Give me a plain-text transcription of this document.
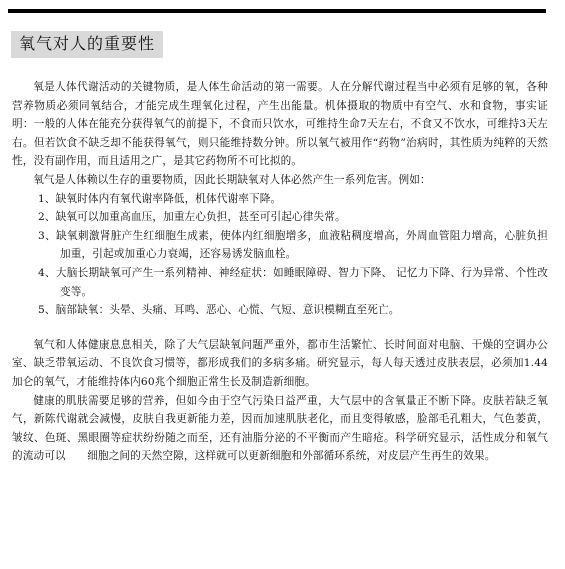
氧气对人的重要性

氧是人体代谢活动的关键物质，是人体生命活动的第一需要。人在分解代谢过程当中必须有足够的氧，各种营养物质必须同氧结合，才能完成生理氧化过程，产生出能量。机体摄取的物质中有空气、水和食物，事实证明：一般的人体在能充分获得氧气的前提下，不食而只饮水，可维持生命7天左右，不食又不饮水，可维持3天左右。但若饮食不缺乏却不能获得氧气，则只能维持数分钟。所以氧气被用作“药物”治病时，其性质为纯粹的天然性，没有副作用，而且适用之广，是其它药物所不可比拟的。

氧气是人体赖以生存的重要物质，因此长期缺氧对人体必然产生一系列危害。例如：

1、缺氧时体内有氧代谢率降低，机体代谢率下降。

2、缺氧可以加重高血压，加重左心负担，甚至可引起心律失常。

3、缺氧刺激肾脏产生红细胞生成素，使体内红细胞增多，血液粘稠度增高，外周血管阻力增高，心脏负担加重，引起或加重心力衰竭，还容易诱发脑血栓。

4、大脑长期缺氧可产生一系列精神、神经症状：如睡眠障碍、智力下降、 记忆力下降、行为异常、个性改变等。

5、脑部缺氧：头晕、头痛、耳鸣、恶心、心慌、气短、意识模糊直至死亡。

氧气和人体健康息息相关，除了大气层缺氧问题严重外，都市生活繁忙、长时间面对电脑、干燥的空调办公室、缺乏带氧运动、不良饮食习惯等，都形成我们的多病多痛。研究显示，每人每天透过皮肤表层，必须加1.44加仑的氧气，才能维持体内60兆个细胞正常生长及制造新细胞。

健康的肌肤需要足够的营养，但如今由于空气污染日益严重，大气层中的含氧量正不断下降。皮肤若缺乏氧气，新陈代谢就会减慢，皮肤自我更新能力差，因而加速肌肤老化，而且变得敏感，脸部毛孔粗大，气色萎黄，皱纹、色斑、黑眼圈等症状纷纷随之而至，还有油脂分泌的不平衡而产生暗疮。科学研究显示，活性成分和氧气的流动可以　　细胞之间的天然空隙，这样就可以更新细胞和外部循环系统，对皮层产生再生的效果。
